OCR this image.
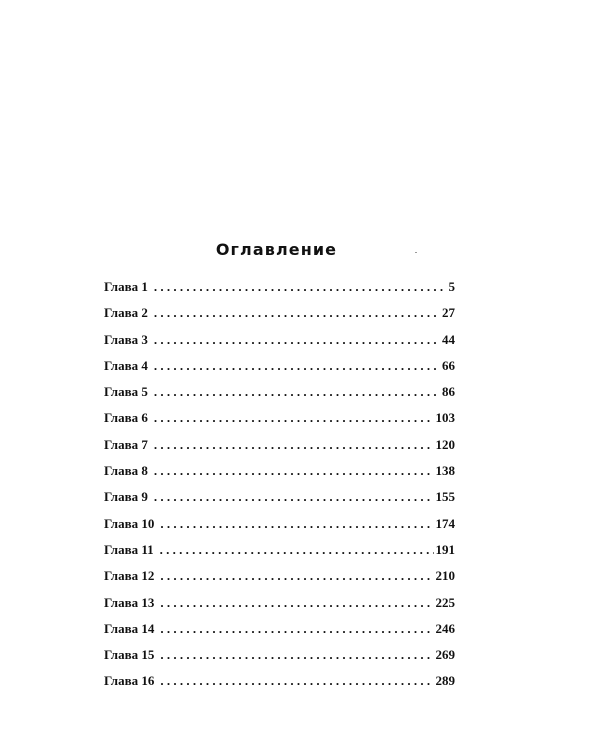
Оглавление
Глава 1 . . .	5
Глава 2 . . .	27
Глава 3 . . .	44
Глава 4 . . .	66
Глава 5 . . .	86
Глава 6 . . .	103
Глава 7 . . .	120
Глава 8 . . .	138
Глава 9 . . .	155
Глава 10 . . .	174
Глава 11 . . .	191
Глава 12 . . .	210
Глава 13 . . .	225
Глава 14 . . .	246
Глава 15 . . .	269
Глава 16 . . .	289
